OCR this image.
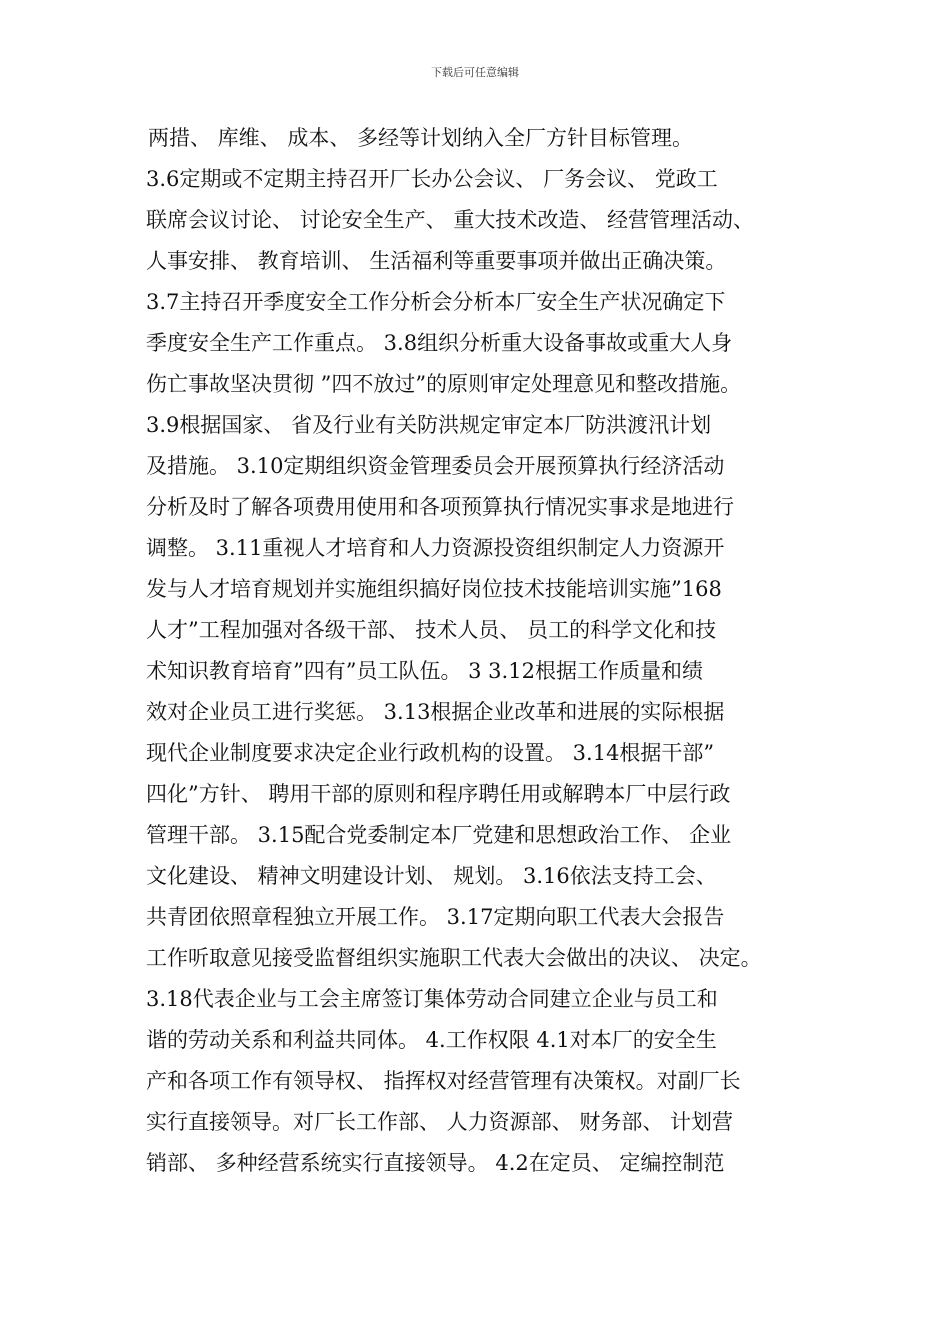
下载后可任意编辑
两措、 库维、 成本、 多经等计划纳入全厂方针目标管理。
3.6定期或不定期主持召开厂长办公会议、 厂务会议、 党政工
联席会议讨论、 讨论安全生产、 重大技术改造、 经营管理活动、
人事安排、 教育培训、 生活福利等重要事项并做出正确决策。
3.7主持召开季度安全工作分析会分析本厂安全生产状况确定下
季度安全生产工作重点。 3.8组织分析重大设备事故或重大人身
伤亡事故坚决贯彻 ”四不放过”的原则审定处理意见和整改措施。
3.9根据国家、 省及行业有关防洪规定审定本厂防洪渡汛计划
及措施。 3.10定期组织资金管理委员会开展预算执行经济活动
分析及时了解各项费用使用和各项预算执行情况实事求是地进行
调整。 3.11重视人才培育和人力资源投资组织制定人力资源开
发与人才培育规划并实施组织搞好岗位技术技能培训实施”168
人才”工程加强对各级干部、 技术人员、 员工的科学文化和技
术知识教育培育”四有”员工队伍。 3 3.12根据工作质量和绩
效对企业员工进行奖惩。 3.13根据企业改革和进展的实际根据
现代企业制度要求决定企业行政机构的设置。 3.14根据干部”
四化”方针、 聘用干部的原则和程序聘任用或解聘本厂中层行政
管理干部。 3.15配合党委制定本厂党建和思想政治工作、 企业
文化建设、 精神文明建设计划、 规划。 3.16依法支持工会、
共青团依照章程独立开展工作。 3.17定期向职工代表大会报告
工作听取意见接受监督组织实施职工代表大会做出的决议、 决定。
3.18代表企业与工会主席签订集体劳动合同建立企业与员工和
谐的劳动关系和利益共同体。 4.工作权限 4.1对本厂的安全生
产和各项工作有领导权、 指挥权对经营管理有决策权。对副厂长
实行直接领导。对厂长工作部、 人力资源部、 财务部、 计划营
销部、 多种经营系统实行直接领导。 4.2在定员、 定编控制范
